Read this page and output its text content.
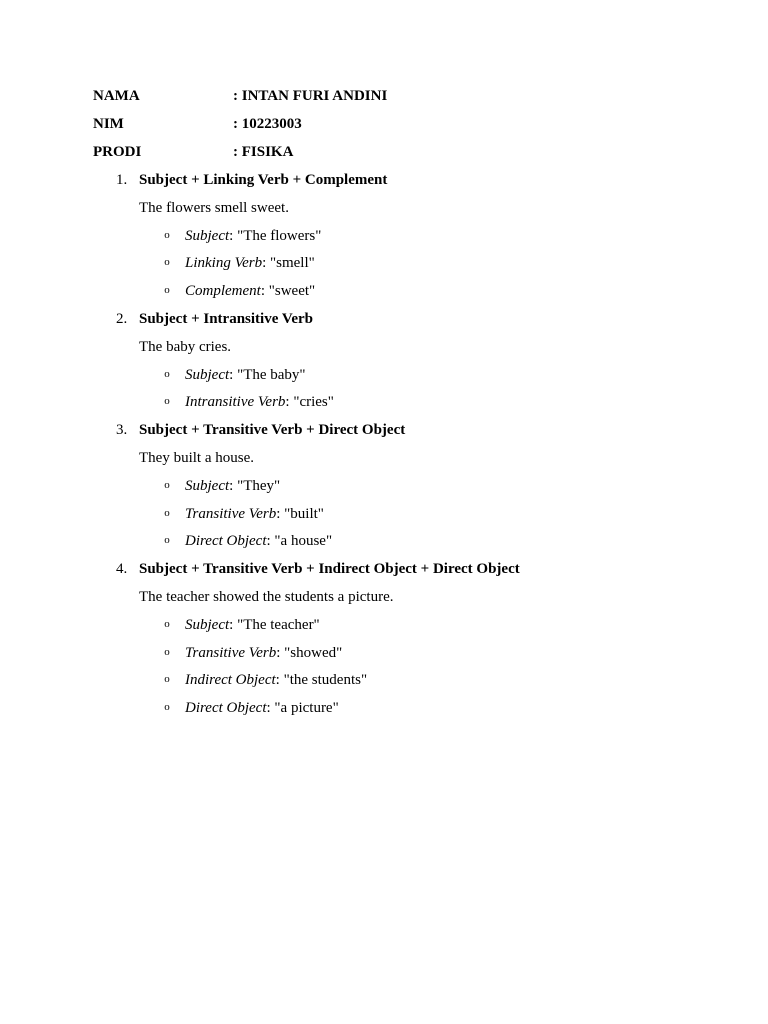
NAMA	: INTAN FURI ANDINI
NIM	: 10223003
PRODI	: FISIKA
1. Subject + Linking Verb + Complement
The flowers smell sweet.
o Subject: "The flowers"
o Linking Verb: "smell"
o Complement: "sweet"
2. Subject + Intransitive Verb
The baby cries.
o Subject: "The baby"
o Intransitive Verb: "cries"
3. Subject + Transitive Verb + Direct Object
They built a house.
o Subject: "They"
o Transitive Verb: "built"
o Direct Object: "a house"
4. Subject + Transitive Verb + Indirect Object + Direct Object
The teacher showed the students a picture.
o Subject: "The teacher"
o Transitive Verb: "showed"
o Indirect Object: "the students"
o Direct Object: "a picture"
